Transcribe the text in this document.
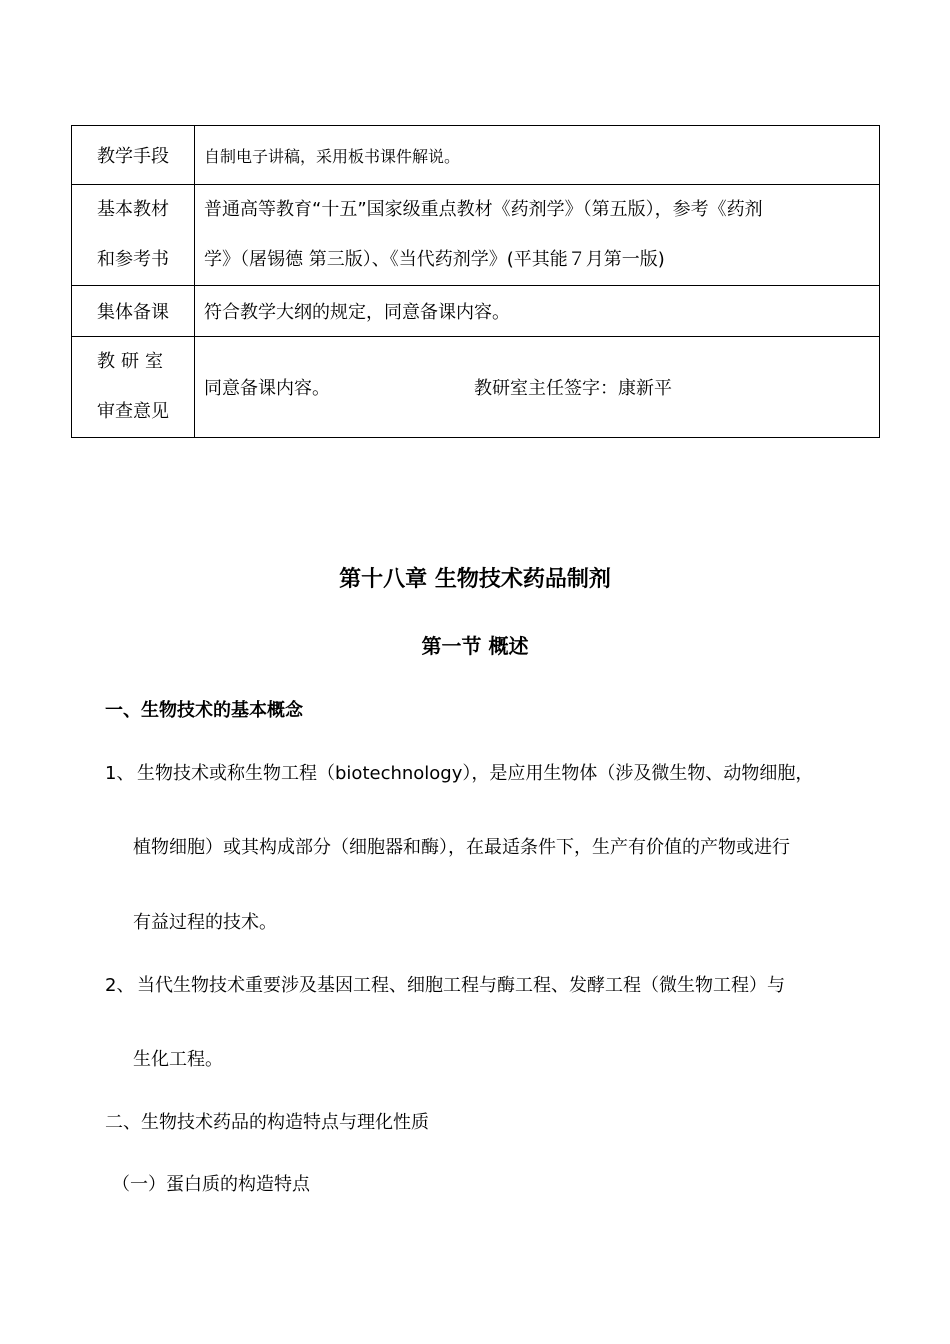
教学手段	自制电子讲稿，采用板书课件解说。

基本教材
和参考书	普通高等教育“十五”国家级重点教材《药剂学》（第五版），参考《药剂
学》（屠锡德 第三版）、《当代药剂学》(平其能７月第一版)

集体备课	符合教学大纲的规定，同意备课内容。

教研室
审查意见	同意备课内容。 教研室主任签字：康新平
第十八章 生物技术药品制剂
第一节 概述
一、生物技术的基本概念
1、 生物技术或称生物工程（biotechnology），是应用生物体（涉及微生物、动物细胞，
植物细胞）或其构成部分（细胞器和酶），在最适条件下，生产有价值的产物或进行
有益过程的技术。
2、 当代生物技术重要涉及基因工程、细胞工程与酶工程、发酵工程（微生物工程）与
生化工程。
二、生物技术药品的构造特点与理化性质
（一）蛋白质的构造特点
